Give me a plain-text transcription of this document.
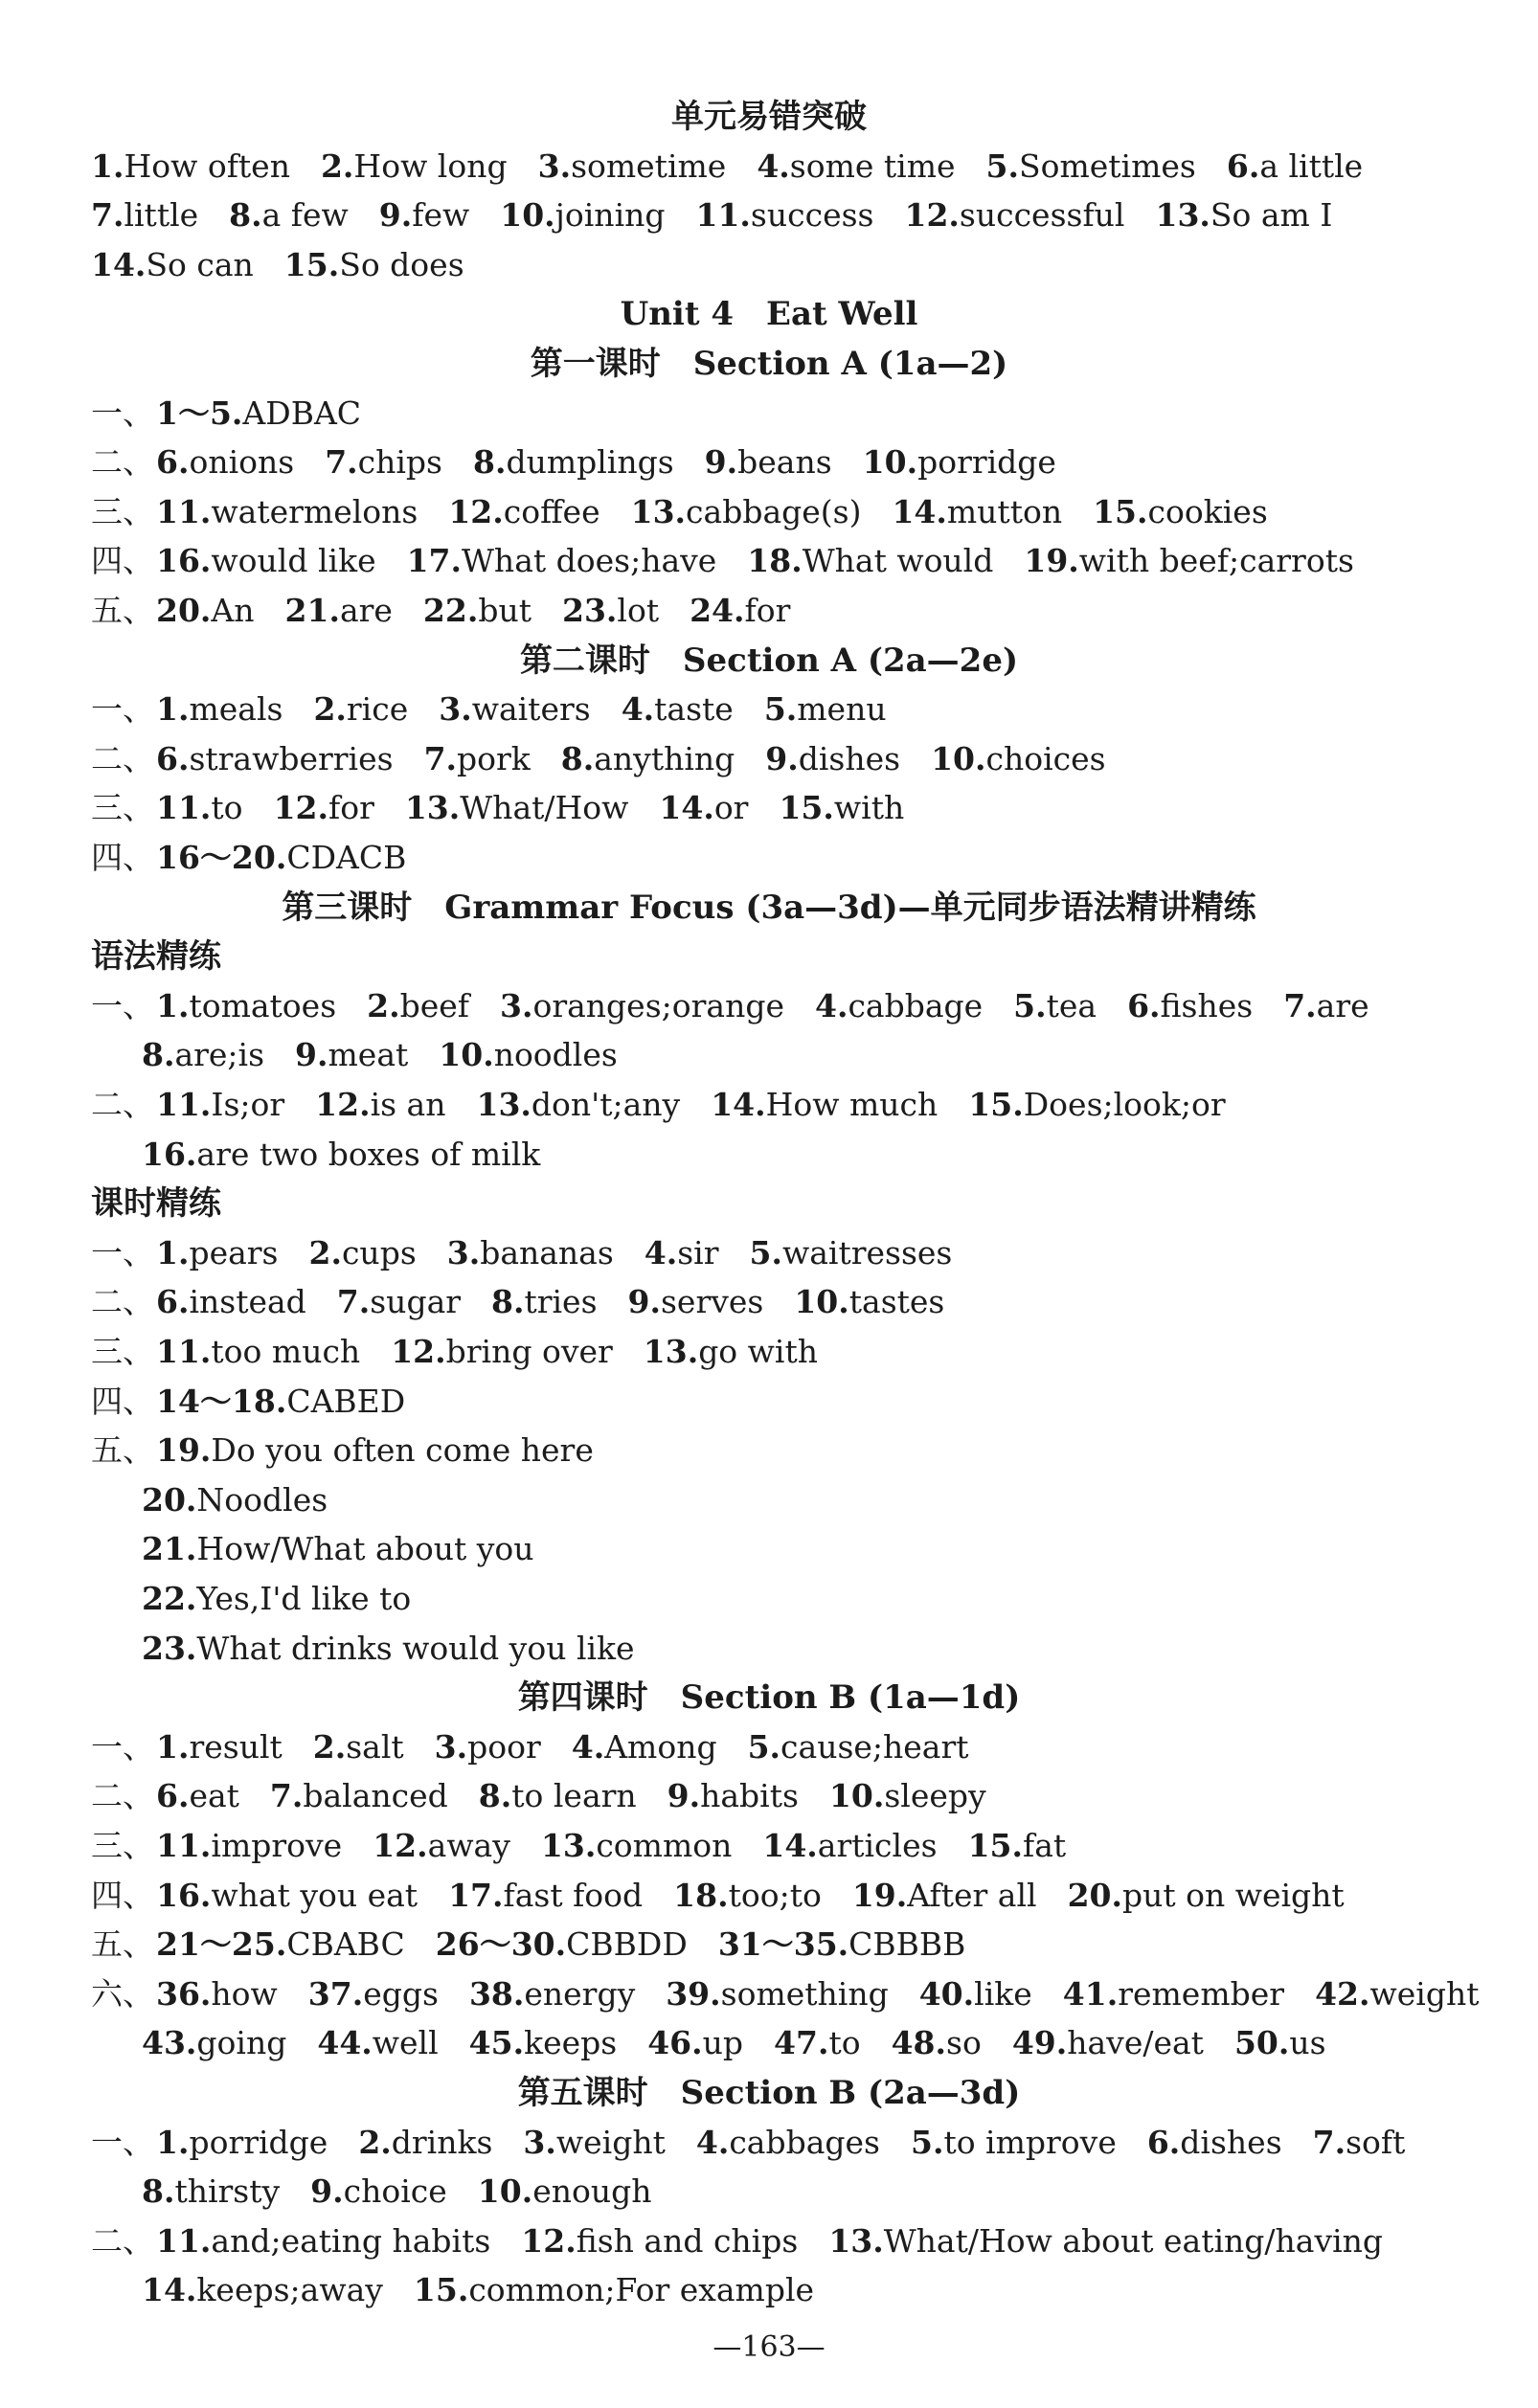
单元易错突破
1.How often 2.How long 3.sometime 4.some time 5.Sometimes 6.a little
7.little 8.a few 9.few 10.joining 11.success 12.successful 13.So am I
14.So can 15.So does
Unit 4　Eat Well
第一课时　Section A (1a—2)
一、1～5.ADBAC
二、6.onions 7.chips 8.dumplings 9.beans 10.porridge
三、11.watermelons 12.coffee 13.cabbage(s) 14.mutton 15.cookies
四、16.would like 17.What does;have 18.What would 19.with beef;carrots
五、20.An 21.are 22.but 23.lot 24.for
第二课时　Section A (2a—2e)
一、1.meals 2.rice 3.waiters 4.taste 5.menu
二、6.strawberries 7.pork 8.anything 9.dishes 10.choices
三、11.to 12.for 13.What/How 14.or 15.with
四、16～20.CDACB
第三课时　Grammar Focus (3a—3d)—单元同步语法精讲精练
语法精练
一、1.tomatoes 2.beef 3.oranges;orange 4.cabbage 5.tea 6.fishes 7.are
8.are;is 9.meat 10.noodles
二、11.Is;or 12.is an 13.don't;any 14.How much 15.Does;look;or
16.are two boxes of milk
课时精练
一、1.pears 2.cups 3.bananas 4.sir 5.waitresses
二、6.instead 7.sugar 8.tries 9.serves 10.tastes
三、11.too much 12.bring over 13.go with
四、14～18.CABED
五、19.Do you often come here
20.Noodles
21.How/What about you
22.Yes,I'd like to
23.What drinks would you like
第四课时　Section B (1a—1d)
一、1.result 2.salt 3.poor 4.Among 5.cause;heart
二、6.eat 7.balanced 8.to learn 9.habits 10.sleepy
三、11.improve 12.away 13.common 14.articles 15.fat
四、16.what you eat 17.fast food 18.too;to 19.After all 20.put on weight
五、21～25.CBABC 26～30.CBBDD 31～35.CBBBB
六、36.how 37.eggs 38.energy 39.something 40.like 41.remember 42.weight
43.going 44.well 45.keeps 46.up 47.to 48.so 49.have/eat 50.us
第五课时　Section B (2a—3d)
一、1.porridge 2.drinks 3.weight 4.cabbages 5.to improve 6.dishes 7.soft
8.thirsty 9.choice 10.enough
二、11.and;eating habits 12.fish and chips 13.What/How about eating/having
14.keeps;away 15.common;For example
—163—
